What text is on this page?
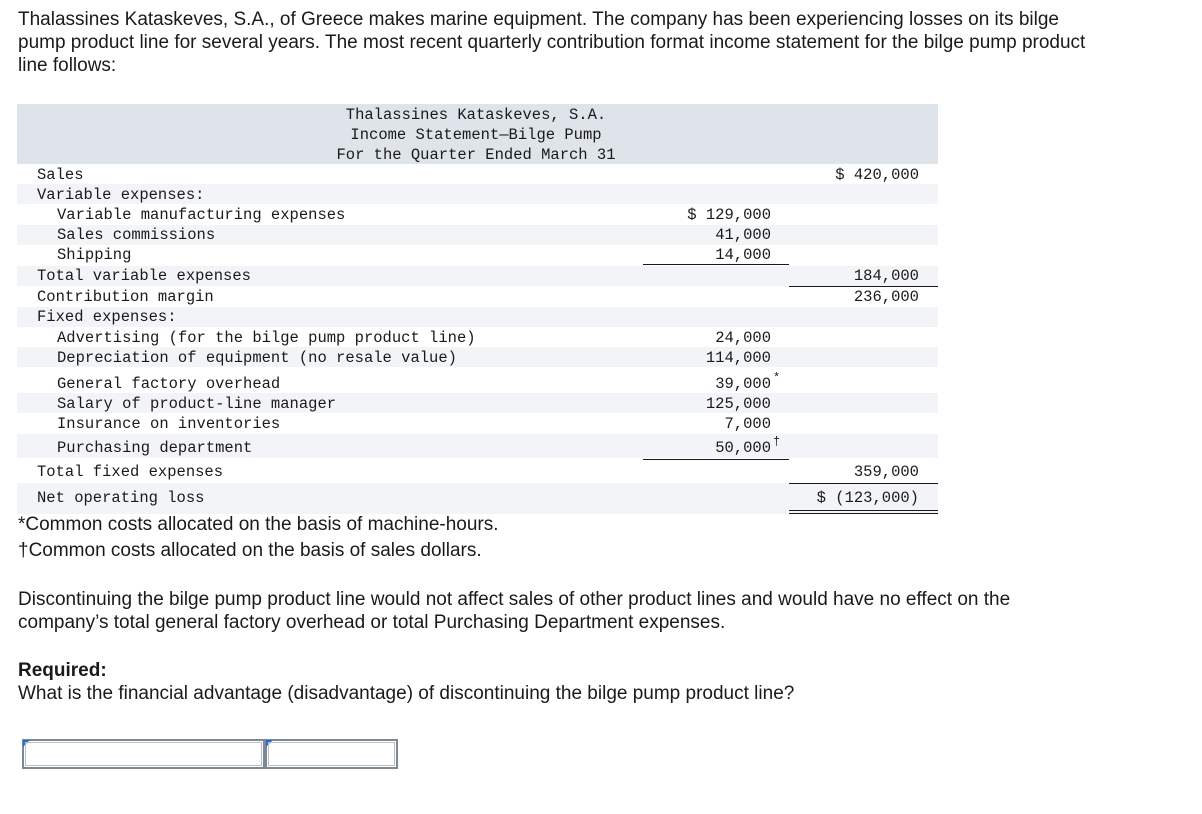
Thalassines Kataskeves, S.A., of Greece makes marine equipment. The company has been experiencing losses on its bilge
pump product line for several years. The most recent quarterly contribution format income statement for the bilge pump product
line follows:
Thalassines Kataskeves, S.A.
Income Statement—Bilge Pump
For the Quarter Ended March 31
Sales	$ 420,000
Variable expenses:
Variable manufacturing expenses	$ 129,000
Sales commissions	41,000
Shipping	14,000
Total variable expenses	184,000
Contribution margin	236,000
Fixed expenses:
Advertising (for the bilge pump product line)	24,000
Depreciation of equipment (no resale value)	114,000
General factory overhead	39,000 *
Salary of product-line manager	125,000
Insurance on inventories	7,000
Purchasing department	50,000 †
Total fixed expenses	359,000
Net operating loss	$ (123,000)
*Common costs allocated on the basis of machine-hours.
†Common costs allocated on the basis of sales dollars.
Discontinuing the bilge pump product line would not affect sales of other product lines and would have no effect on the
company’s total general factory overhead or total Purchasing Department expenses.
Required:
What is the financial advantage (disadvantage) of discontinuing the bilge pump product line?
